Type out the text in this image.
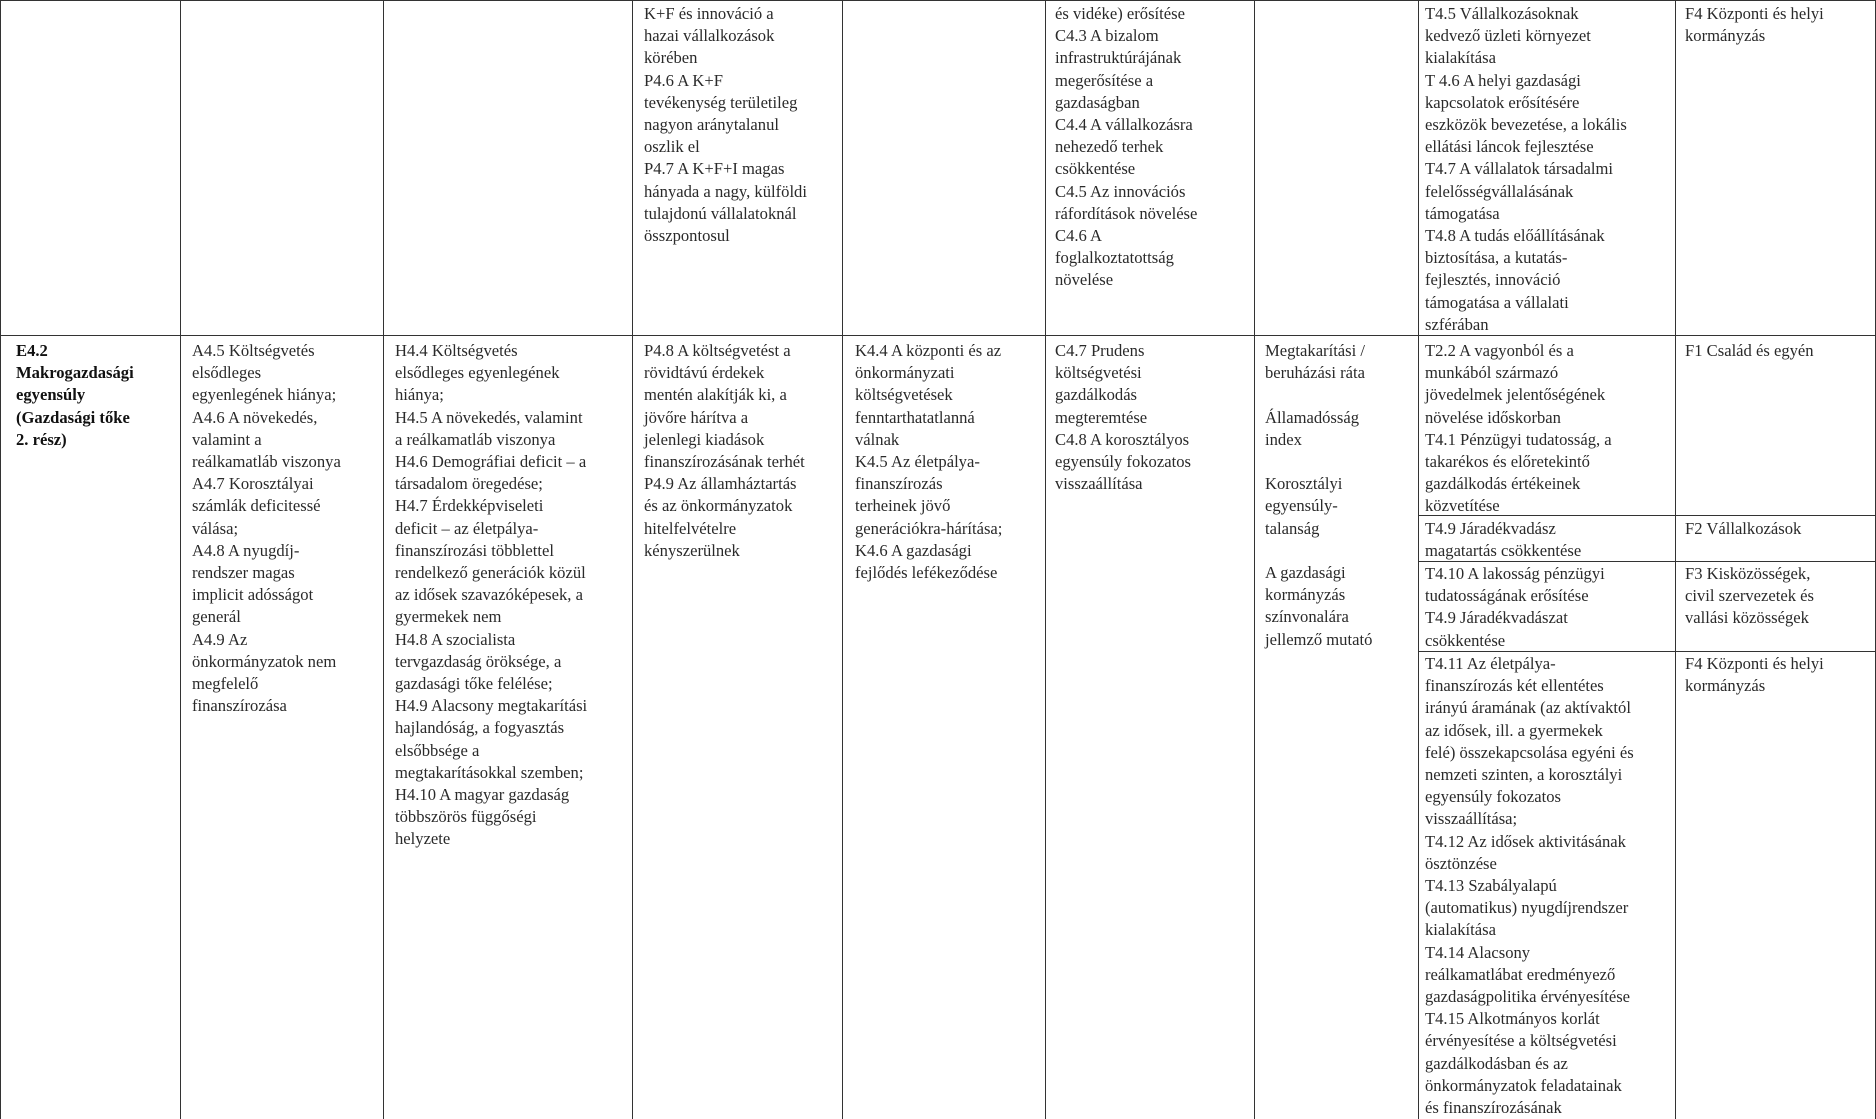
K+F és innováció a
hazai vállalkozások
körében
P4.6 A K+F
tevékenység területileg
nagyon aránytalanul
oszlik el
P4.7 A K+F+I magas
hányada a nagy, külföldi
tulajdonú vállalatoknál
összpontosul
és vidéke) erősítése
C4.3 A bizalom
infrastruktúrájának
megerősítése a
gazdaságban
C4.4 A vállalkozásra
nehezedő terhek
csökkentése
C4.5 Az innovációs
ráfordítások növelése
C4.6 A
foglalkoztatottság
növelése
T4.5 Vállalkozásoknak
kedvező üzleti környezet
kialakítása
T 4.6 A helyi gazdasági
kapcsolatok erősítésére
eszközök bevezetése, a lokális
ellátási láncok fejlesztése
T4.7 A vállalatok társadalmi
felelősségvállalásának
támogatása
T4.8 A tudás előállításának
biztosítása, a kutatás-
fejlesztés, innováció
támogatása a vállalati
szférában
F4 Központi és helyi
kormányzás
E4.2
Makrogazdasági
egyensúly
(Gazdasági tőke
2. rész)
A4.5 Költségvetés
elsődleges
egyenlegének hiánya;
A4.6 A növekedés,
valamint a
reálkamatláb viszonya
A4.7 Korosztályai
számlák deficitessé
válása;
A4.8 A nyugdíj-
rendszer magas
implicit adósságot
generál
A4.9 Az
önkormányzatok nem
megfelelő
finanszírozása
H4.4 Költségvetés
elsődleges egyenlegének
hiánya;
H4.5 A növekedés, valamint
a reálkamatláb viszonya
H4.6 Demográfiai deficit – a
társadalom öregedése;
H4.7 Érdekképviseleti
deficit – az életpálya-
finanszírozási többlettel
rendelkező generációk közül
az idősek szavazóképesek, a
gyermekek nem
H4.8 A szocialista
tervgazdaság öröksége, a
gazdasági tőke felélése;
H4.9 Alacsony megtakarítási
hajlandóság, a fogyasztás
elsőbbsége a
megtakarításokkal szemben;
H4.10 A magyar gazdaság
többszörös függőségi
helyzete
P4.8 A költségvetést a
rövidtávú érdekek
mentén alakítják ki, a
jövőre hárítva a
jelenlegi kiadások
finanszírozásának terhét
P4.9 Az államháztartás
és az önkormányzatok
hitelfelvételre
kényszerülnek
K4.4 A központi és az
önkormányzati
költségvetések
fenntarthatatlanná
válnak
K4.5 Az életpálya-
finanszírozás
terheinek jövő
generációkra-hárítása;
K4.6 A gazdasági
fejlődés lefékeződése
C4.7 Prudens
költségvetési
gazdálkodás
megteremtése
C4.8 A korosztályos
egyensúly fokozatos
visszaállítása
Megtakarítási /
beruházási ráta

Államadósság
index

Korosztályi
egyensúly-
talanság

A gazdasági
kormányzás
színvonalára
jellemző mutató
T2.2 A vagyonból és a
munkából származó
jövedelmek jelentőségének
növelése időskorban
T4.1 Pénzügyi tudatosság, a
takarékos és előretekintő
gazdálkodás értékeinek
közvetítése
F1 Család és egyén
T4.9 Járadékvadász
magatartás csökkentése
F2 Vállalkozások
T4.10 A lakosság pénzügyi
tudatosságának erősítése
T4.9 Járadékvadászat
csökkentése
F3 Kisközösségek,
civil szervezetek és
vallási közösségek
T4.11 Az életpálya-
finanszírozás két ellentétes
irányú áramának (az aktívaktól
az idősek, ill. a gyermekek
felé) összekapcsolása egyéni és
nemzeti szinten, a korosztályi
egyensúly fokozatos
visszaállítása;
T4.12 Az idősek aktivitásának
ösztönzése
T4.13 Szabályalapú
(automatikus) nyugdíjrendszer
kialakítása
T4.14 Alacsony
reálkamatlábat eredményező
gazdaságpolitika érvényesítése
T4.15 Alkotmányos korlát
érvényesítése a költségvetési
gazdálkodásban és az
önkormányzatok feladatainak
és finanszírozásának
F4 Központi és helyi
kormányzás
